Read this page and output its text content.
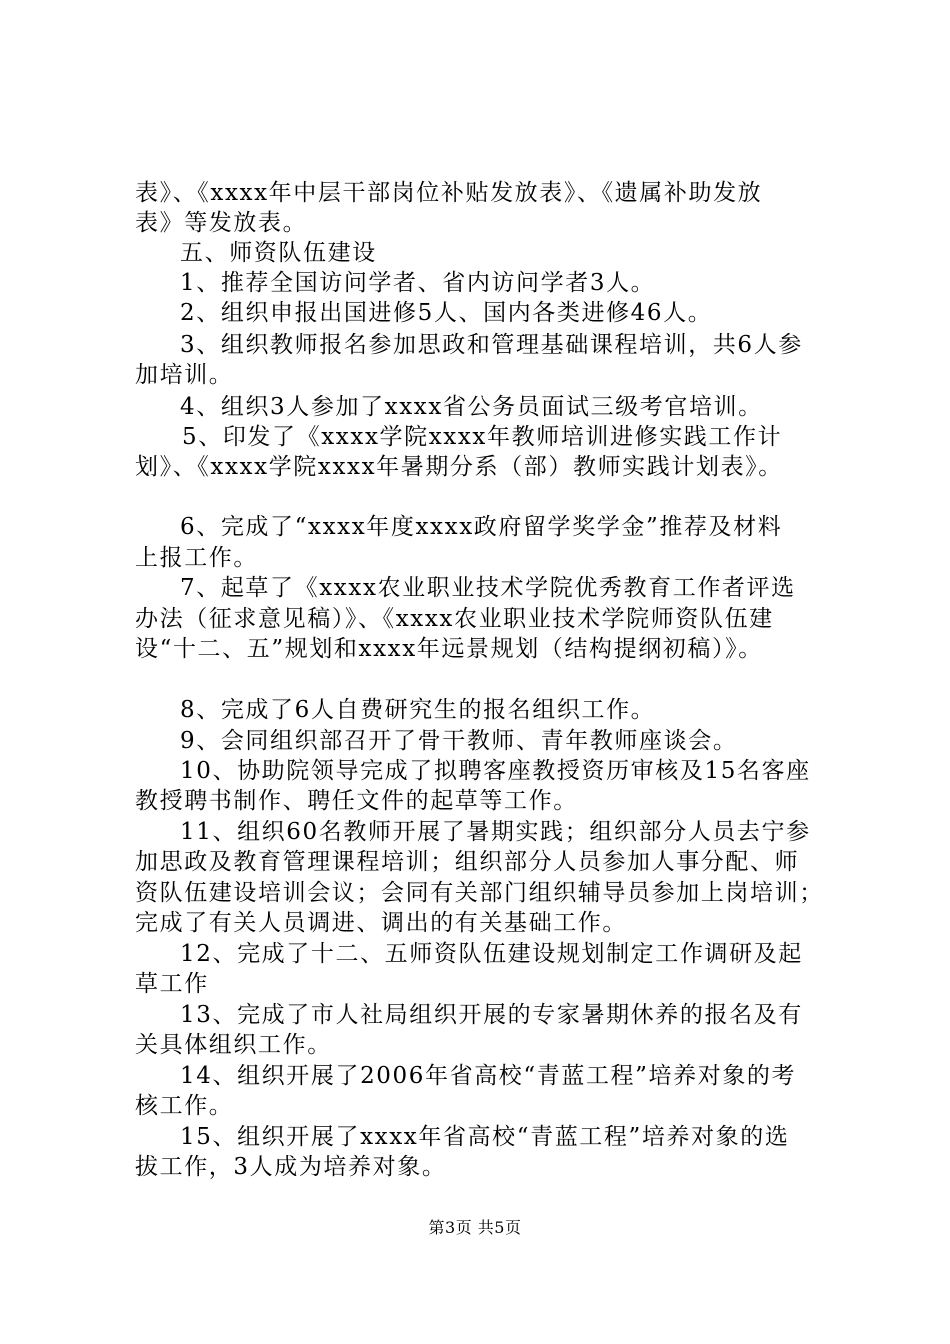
表》、《xxxx年中层干部岗位补贴发放表》、《遗属补助发放
表》等发放表。
五、师资队伍建设
1、推荐全国访问学者、省内访问学者3人。
2、组织申报出国进修5人、国内各类进修46人。
3、组织教师报名参加思政和管理基础课程培训，共6人参
加培训。
4、组织3人参加了xxxx省公务员面试三级考官培训。
5、印发了《xxxx学院xxxx年教师培训进修实践工作计
划》、《xxxx学院xxxx年暑期分系（部）教师实践计划表》。
6、完成了“xxxx年度xxxx政府留学奖学金”推荐及材料
上报工作。
7、起草了《xxxx农业职业技术学院优秀教育工作者评选
办法（征求意见稿）》、《xxxx农业职业技术学院师资队伍建
设“十二、五”规划和xxxx年远景规划（结构提纲初稿）》。
8、完成了6人自费研究生的报名组织工作。
9、会同组织部召开了骨干教师、青年教师座谈会。
10、协助院领导完成了拟聘客座教授资历审核及15名客座
教授聘书制作、聘任文件的起草等工作。
11、组织60名教师开展了暑期实践；组织部分人员去宁参
加思政及教育管理课程培训；组织部分人员参加人事分配、师
资队伍建设培训会议；会同有关部门组织辅导员参加上岗培训；
完成了有关人员调进、调出的有关基础工作。
12、完成了十二、五师资队伍建设规划制定工作调研及起
草工作
13、完成了市人社局组织开展的专家暑期休养的报名及有
关具体组织工作。
14、组织开展了2006年省高校“青蓝工程”培养对象的考
核工作。
15、组织开展了xxxx年省高校“青蓝工程”培养对象的选
拔工作，3人成为培养对象。
第3页 共5页
